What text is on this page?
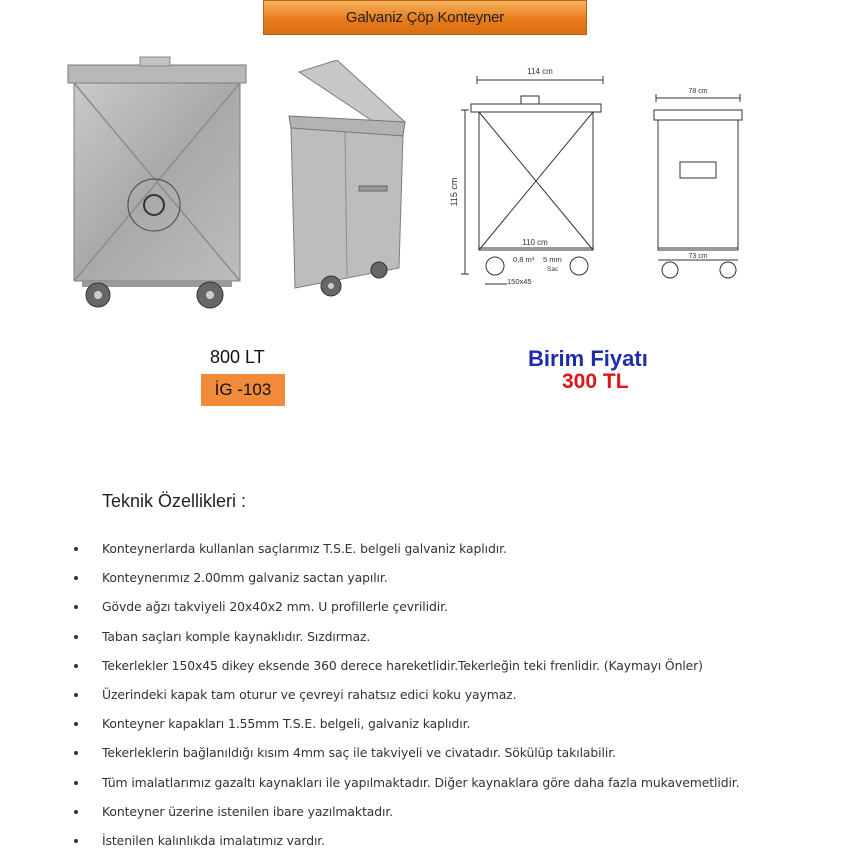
Galvaniz Çöp Konteyner
114 cm
115 cm
110 cm
0,8 m³ 5 mm
Sac
150x45
78 cm
73 cm
800 LT
İG -103
Birim Fiyatı
300 TL
Teknik Özellikleri :
Konteynerlarda kullanlan saçlarımız T.S.E. belgeli galvaniz kaplıdır.
Konteynerımız 2.00mm galvaniz sactan yapılır.
Gövde ağzı takviyeli 20x40x2 mm. U profillerle çevrilidir.
Taban saçları komple kaynaklıdır. Sızdırmaz.
Tekerlekler 150x45 dikey eksende 360 derece hareketlidir.Tekerleğin teki frenlidir. (Kaymayı Önler)
Üzerindeki kapak tam oturur ve çevreyi rahatsız edici koku yaymaz.
Konteyner kapakları 1.55mm T.S.E. belgeli, galvaniz kaplıdır.
Tekerleklerin bağlanıldığı kısım 4mm saç ile takviyeli ve civatadır. Sökülüp takılabilir.
Tüm imalatlarımız gazaltı kaynakları ile yapılmaktadır. Diğer kaynaklara göre daha fazla mukavemetlidir.
Konteyner üzerine istenilen ibare yazılmaktadır.
İstenilen kalınlıkda imalatımız vardır.
